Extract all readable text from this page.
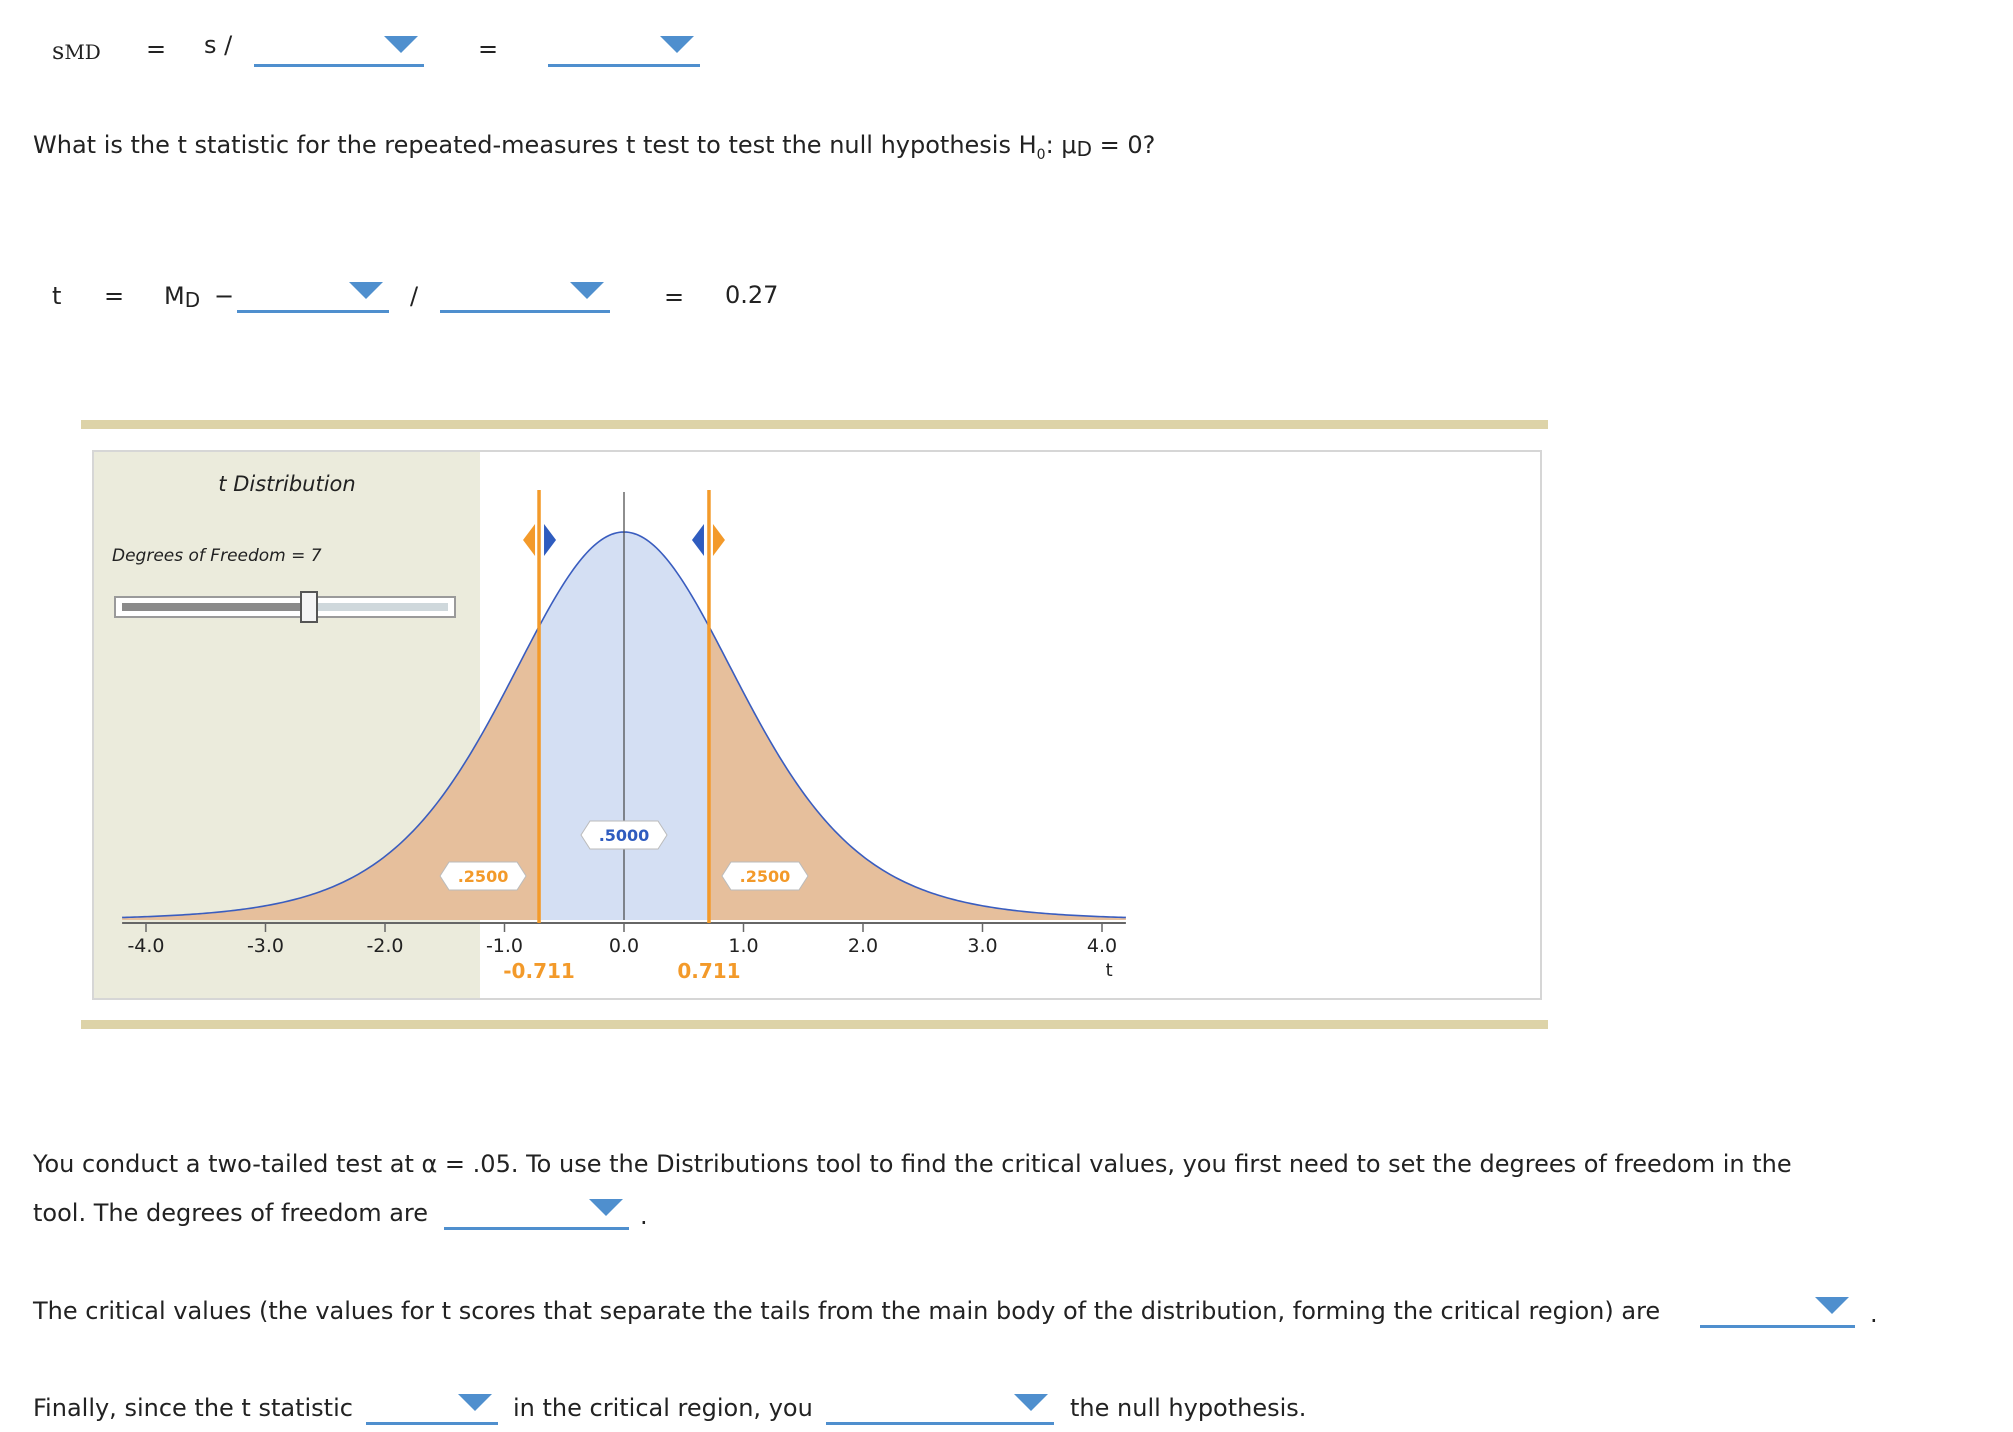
sMD = s /	=
What is the t statistic for the repeated-measures t test to test the null hypothesis $H_0$: μD = 0?
t = MD −	/	= 0.27
t Distribution
Degrees of Freedom = 7
-4.0	-3.0	-2.0	-1.0	0.0	1.0	2.0	3.0	4.0
t
-0.711	0.711
.2500
.5000
.2500
You conduct a two-tailed test at α = .05. To use the Distributions tool to find the critical values, you first need to set the degrees of freedom in the
tool. The degrees of freedom are	.
The critical values (the values for t scores that separate the tails from the main body of the distribution, forming the critical region) are	.
Finally, since the t statistic	in the critical region, you	the null hypothesis.
